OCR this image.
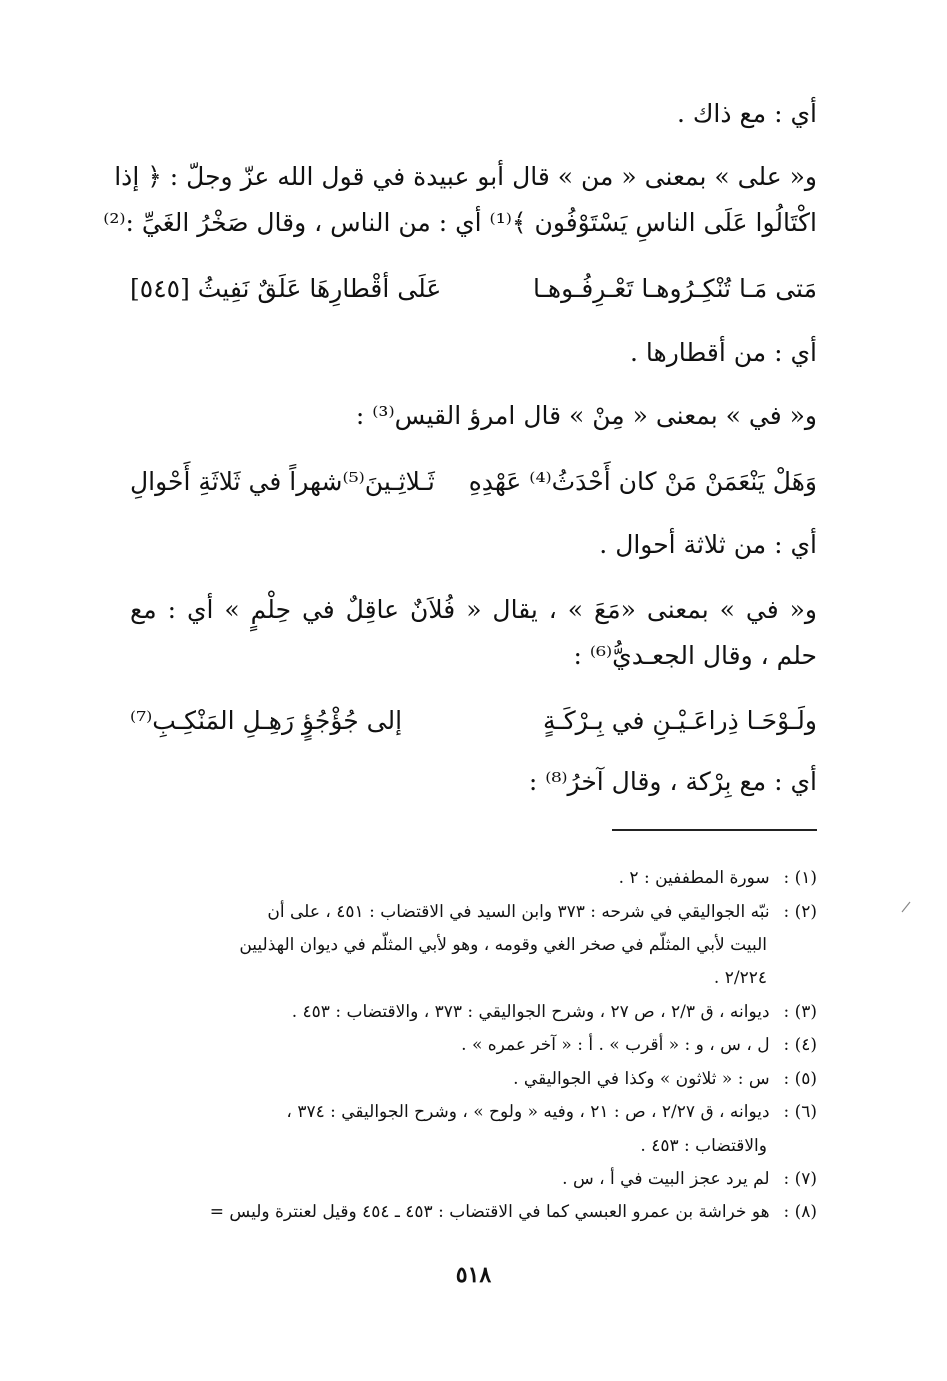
أي : مع ذاك .
و« على » بمعنى « من » قال أبو عبيدة في قول الله عزّ وجلّ : ﴿ إذا
اكْتَالُوا عَلَى الناسِ يَسْتَوْفُون ﴾⁽¹⁾ أي : من الناس ، وقال صَخْرُ الغَيِّ :⁽²⁾
مَتى مَـا تُنْكِـرُوهـا تَعْـرِفُـوهـا
عَلَى أقْطارِهَا عَلَقٌ نَفِيثُ [٥٤٥]
أي : من أقطارها .
و« في » بمعنى « مِنْ » قال امرؤ القيس⁽³⁾ :
وَهَلْ يَنْعَمَنْ مَنْ كان أَحْدَثُ⁽⁴⁾ عَهْدِهِ
ثَـلاثِـينَ⁽⁵⁾شهراً في ثَلاثَةِ أَحْوالِ
أي : من ثلاثة أحوال .
و« في » بمعنى «مَعَ » ، يقال « فُلاَنٌ عاقِلٌ في حِلْمٍ » أي : مع
حلم ، وقال الجعـديُّ⁽⁶⁾ :
ولَـوْحَـا ذِراعَـيْـنِ في بِـرْكَـةٍ
إلى جُؤْجُؤٍ رَهِـلِ المَنْكِـبِ⁽⁷⁾
أي : مع بِرْكة ، وقال آخرُ⁽⁸⁾ :
(١) : سورة المطففين : ٢ .
(٢) : نبّه الجواليقي في شرحه : ٣٧٣ وابن السيد في الاقتضاب : ٤٥١ ، على أن
البيت لأبي المثلّم في صخر الغي وقومه ، وهو لأبي المثلّم في ديوان الهذليين
٢/٢٢٤ .
(٣) : ديوانه ، ق ٢/٣ ، ص ٢٧ ، وشرح الجواليقي : ٣٧٣ ، والاقتضاب : ٤٥٣ .
(٤) : ل ، س ، و : « أقرب » . أ : « آخر عمره » .
(٥) : س : « ثلاثون » وكذا في الجواليقي .
(٦) : ديوانه ، ق ٢/٢٧ ، ص : ٢١ ، وفيه « ولوح » ، وشرح الجواليقي : ٣٧٤ ،
والاقتضاب : ٤٥٣ .
(٧) : لم يرد عجز البيت في أ ، س .
(٨) : هو خراشة بن عمرو العبسي كما في الاقتضاب : ٤٥٣ ـ ٤٥٤ وقيل لعنترة وليس =
٥١٨
